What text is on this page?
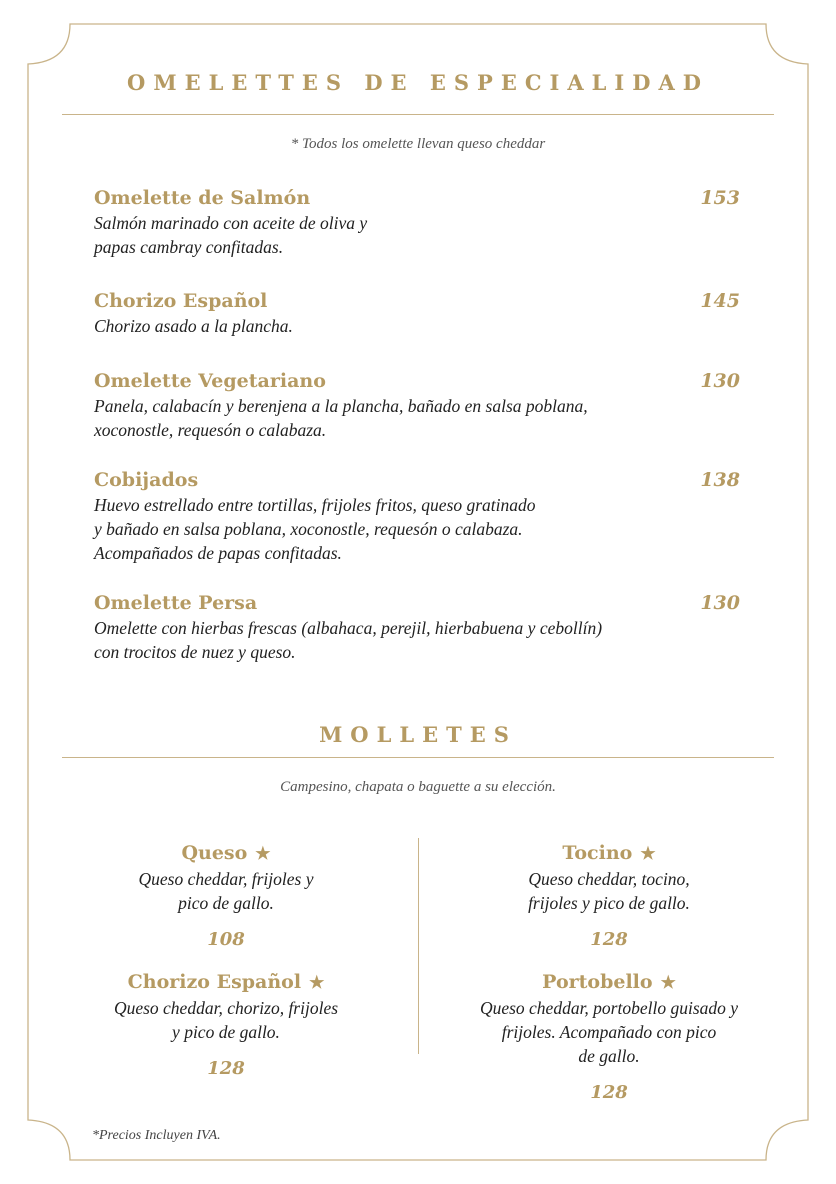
OMELETTES DE ESPECIALIDAD
* Todos los omelette llevan queso cheddar
Omelette de Salmón	153
Salmón marinado con aceite de oliva y
papas cambray confitadas.
Chorizo Español	145
Chorizo asado a la plancha.
Omelette Vegetariano	130
Panela, calabacín y berenjena a la plancha, bañado en salsa poblana,
xoconostle, requesón o calabaza.
Cobijados	138
Huevo estrellado entre tortillas, frijoles fritos, queso gratinado
y bañado en salsa poblana, xoconostle, requesón o calabaza.
Acompañados de papas confitadas.
Omelette Persa	130
Omelette con hierbas frescas (albahaca, perejil, hierbabuena y cebollín)
con trocitos de nuez y queso.
MOLLETES
Campesino, chapata o baguette a su elección.
Queso ★
Queso cheddar, frijoles y
pico de gallo.
108
Tocino ★
Queso cheddar, tocino,
frijoles y pico de gallo.
128
Chorizo Español ★
Queso cheddar, chorizo, frijoles
y pico de gallo.
128
Portobello ★
Queso cheddar, portobello guisado y
frijoles. Acompañado con pico
de gallo.
128
*Precios Incluyen IVA.
